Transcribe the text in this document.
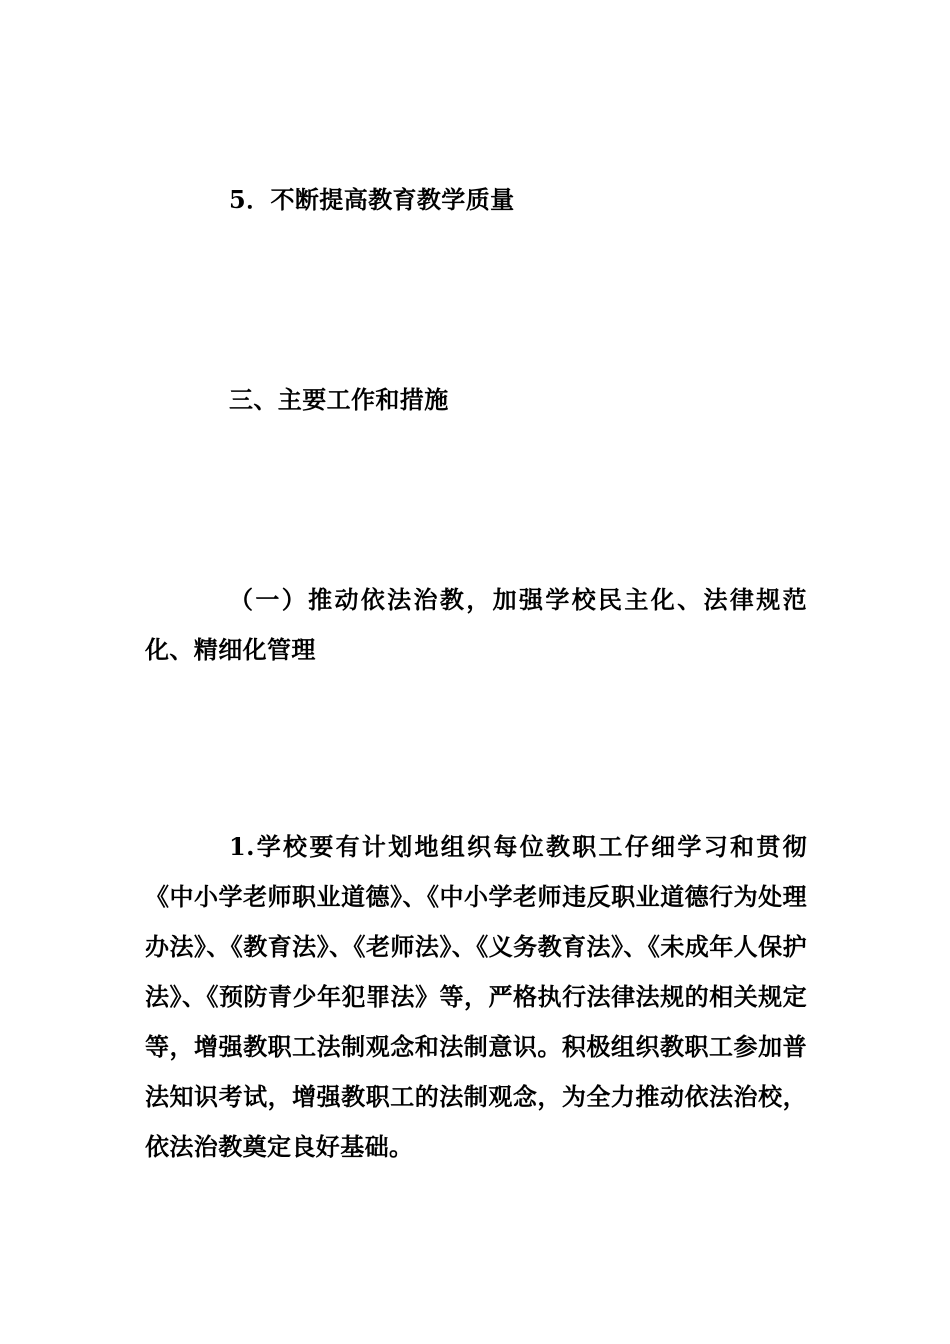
5．不断提高教育教学质量

三、主要工作和措施

（一）推动依法治教，加强学校民主化、法律规范化、精细化管理

1.学校要有计划地组织每位教职工仔细学习和贯彻《中小学老师职业道德》、《中小学老师违反职业道德行为处理办法》、《教育法》、《老师法》、《义务教育法》、《未成年人保护法》、《预防青少年犯罪法》等，严格执行法律法规的相关规定等，增强教职工法制观念和法制意识。积极组织教职工参加普法知识考试，增强教职工的法制观念，为全力推动依法治校，依法治教奠定良好基础。
